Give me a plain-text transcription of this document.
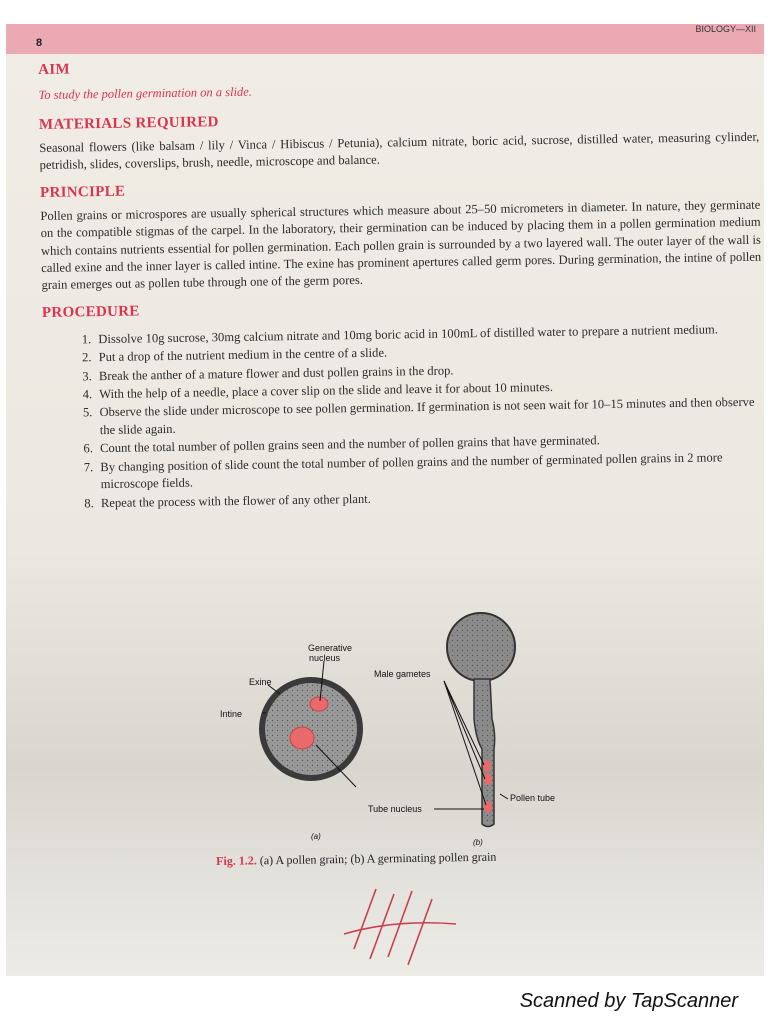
8
BIOLOGY—XII
AIM
To study the pollen germination on a slide.
MATERIALS REQUIRED

Seasonal flowers (like balsam / lily / Vinca / Hibiscus / Petunia), calcium nitrate, boric acid, sucrose, distilled water, measuring cylinder, petridish, slides, coverslips, brush, needle, microscope and balance.

PRINCIPLE

Pollen grains or microspores are usually spherical structures which measure about 25–50 micrometers in diameter. In nature, they germinate on the compatible stigmas of the carpel. In the laboratory, their germination can be induced by placing them in a pollen germination medium which contains nutrients essential for pollen germination. Each pollen grain is surrounded by a two layered wall. The outer layer of the wall is called exine and the inner layer is called intine. The exine has prominent apertures called germ pores. During germination, the intine of pollen grain emerges out as pollen tube through one of the germ pores.

PROCEDURE
1. Dissolve 10g sucrose, 30mg calcium nitrate and 10mg boric acid in 100mL of distilled water to prepare a nutrient medium.
2. Put a drop of the nutrient medium in the centre of a slide.
3. Break the anther of a mature flower and dust pollen grains in the drop.
4. With the help of a needle, place a cover slip on the slide and leave it for about 10 minutes.
5. Observe the slide under microscope to see pollen germination. If germination is not seen wait for 10–15 minutes and then observe the slide again.
6. Count the total number of pollen grains seen and the number of pollen grains that have germinated.
7. By changing position of slide count the total number of pollen grains and the number of germinated pollen grains in 2 more microscope fields.
8. Repeat the process with the flower of any other plant.
Generative
nucleus
Exine
Intine
Male gametes
Tube nucleus
Pollen tube
(a)
(b)
Fig. 1.2. (a) A pollen grain; (b) A germinating pollen grain
Scanned by TapScanner
